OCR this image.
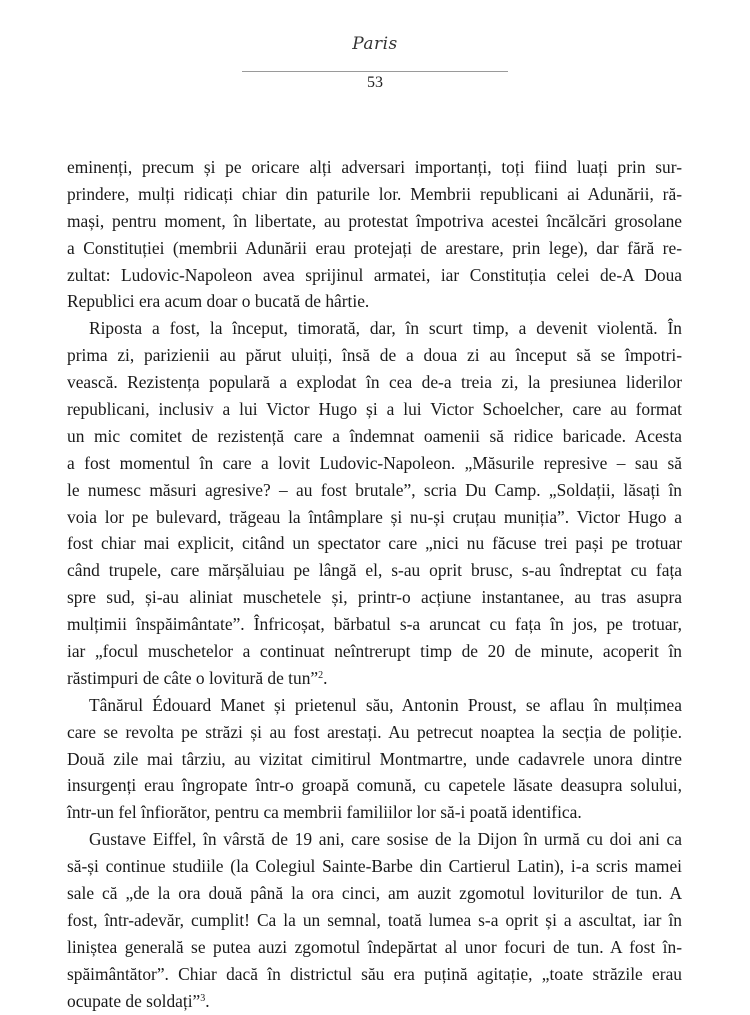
Paris
53
eminenți, precum și pe oricare alți adversari importanți, toți fiind luați prin sur-
prindere, mulți ridicați chiar din paturile lor. Membrii republicani ai Adunării, ră-
mași, pentru moment, în libertate, au protestat împotriva acestei încălcări grosolane
a Constituției (membrii Adunării erau protejați de arestare, prin lege), dar fără re-
zultat: Ludovic-Napoleon avea sprijinul armatei, iar Constituția celei de-A Doua
Republici era acum doar o bucată de hârtie.
Riposta a fost, la început, timorată, dar, în scurt timp, a devenit violentă. În
prima zi, parizienii au părut uluiți, însă de a doua zi au început să se împotri-
vească. Rezistența populară a explodat în cea de-a treia zi, la presiunea liderilor
republicani, inclusiv a lui Victor Hugo și a lui Victor Schoelcher, care au format
un mic comitet de rezistență care a îndemnat oamenii să ridice baricade. Acesta
a fost momentul în care a lovit Ludovic-Napoleon. „Măsurile represive – sau să
le numesc măsuri agresive? – au fost brutale”, scria Du Camp. „Soldații, lăsați în
voia lor pe bulevard, trăgeau la întâmplare și nu-și cruțau muniția”. Victor Hugo a
fost chiar mai explicit, citând un spectator care „nici nu făcuse trei pași pe trotuar
când trupele, care mărșăluiau pe lângă el, s-au oprit brusc, s-au îndreptat cu fața
spre sud, și-au aliniat muschetele și, printr-o acțiune instantanee, au tras asupra
mulțimii înspăimântate”. Înfricoșat, bărbatul s-a aruncat cu fața în jos, pe trotuar,
iar „focul muschetelor a continuat neîntrerupt timp de 20 de minute, acoperit în
răstimpuri de câte o lovitură de tun”$^2$.
Tânărul Édouard Manet și prietenul său, Antonin Proust, se aflau în mulțimea
care se revolta pe străzi și au fost arestați. Au petrecut noaptea la secția de poliție.
Două zile mai târziu, au vizitat cimitirul Montmartre, unde cadavrele unora dintre
insurgenți erau îngropate într-o groapă comună, cu capetele lăsate deasupra solului,
într-un fel înfiorător, pentru ca membrii familiilor lor să-i poată identifica.
Gustave Eiffel, în vârstă de 19 ani, care sosise de la Dijon în urmă cu doi ani ca
să-și continue studiile (la Colegiul Sainte-Barbe din Cartierul Latin), i-a scris mamei
sale că „de la ora două până la ora cinci, am auzit zgomotul loviturilor de tun. A
fost, într-adevăr, cumplit! Ca la un semnal, toată lumea s-a oprit și a ascultat, iar în
liniștea generală se putea auzi zgomotul îndepărtat al unor focuri de tun. A fost în-
spăimântător”. Chiar dacă în districtul său era puțină agitație, „toate străzile erau
ocupate de soldați”$^3$.
